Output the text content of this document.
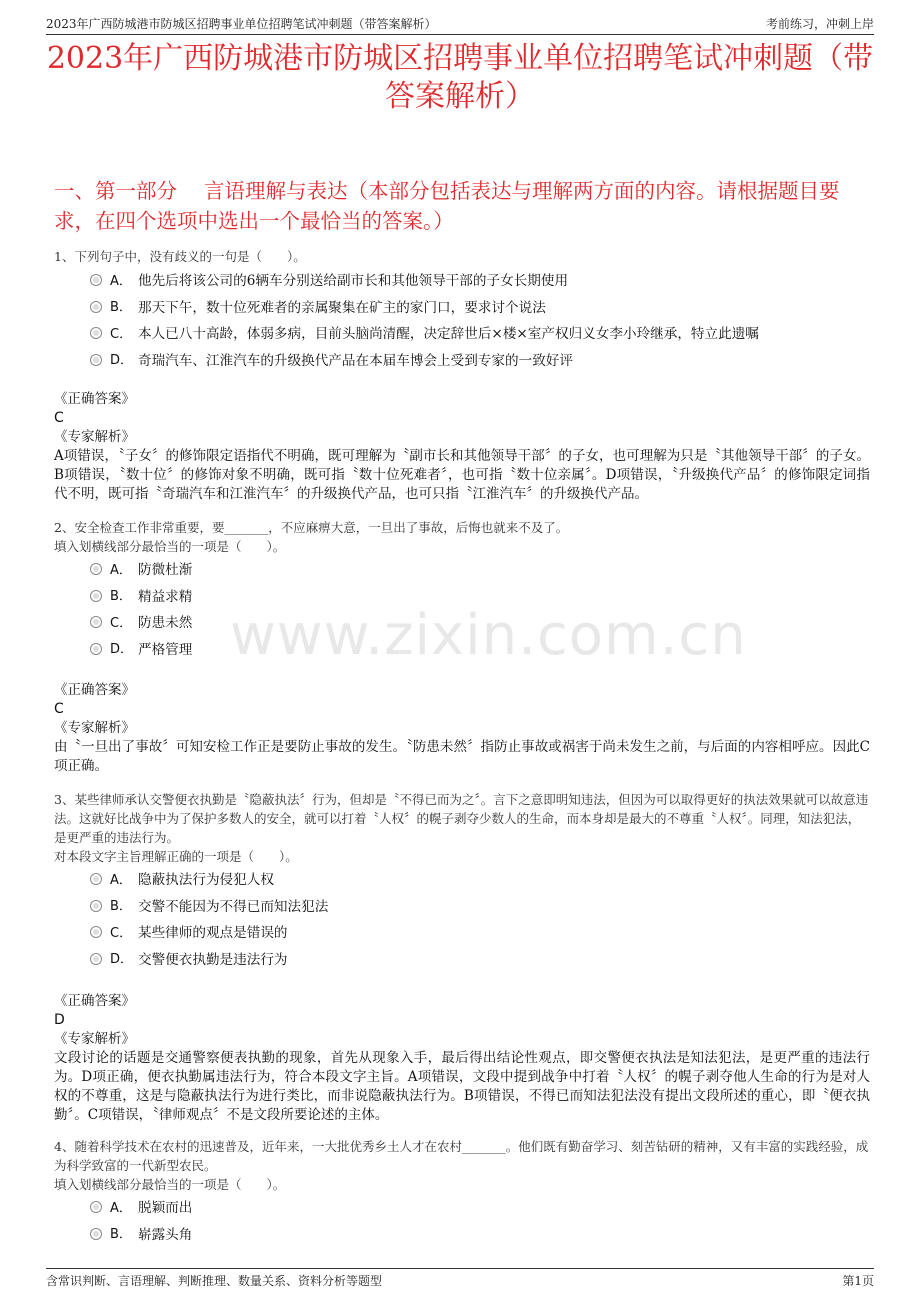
2023年广西防城港市防城区招聘事业单位招聘笔试冲刺题（带答案解析）	考前练习，冲刺上岸
2023年广西防城港市防城区招聘事业单位招聘笔试冲刺题（带答案解析）
一、第一部分　 言语理解与表达（本部分包括表达与理解两方面的内容。请根据题目要求，在四个选项中选出一个最恰当的答案。）
www.zixin.com.cn
1、下列句子中，没有歧义的一句是（　　）。
A． 他先后将该公司的6辆车分别送给副市长和其他领导干部的子女长期使用
B． 那天下午，数十位死难者的亲属聚集在矿主的家门口，要求讨个说法
C． 本人已八十高龄，体弱多病，目前头脑尚清醒，决定辞世后×楼×室产权归义女李小玲继承，特立此遗嘱
D． 奇瑞汽车、江淮汽车的升级换代产品在本届车博会上受到专家的一致好评
《正确答案》
C
《专家解析》
A项错误，〝子女〞的修饰限定语指代不明确，既可理解为〝副市长和其他领导干部〞的子女，也可理解为只是〝其他领导干部〞的子女。B项错误，〝数十位〞的修饰对象不明确，既可指〝数十位死难者〞，也可指〝数十位亲属〞。D项错误，〝升级换代产品〞的修饰限定词指代不明，既可指〝奇瑞汽车和江淮汽车〞的升级换代产品，也可只指〝江淮汽车〞的升级换代产品。
2、安全检查工作非常重要，要_______，不应麻痹大意，一旦出了事故，后悔也就来不及了。
填入划横线部分最恰当的一项是（　　）。
A． 防微杜渐
B． 精益求精
C． 防患未然
D． 严格管理
《正确答案》
C
《专家解析》
由〝一旦出了事故〞可知安检工作正是要防止事故的发生。〝防患未然〞指防止事故或祸害于尚未发生之前，与后面的内容相呼应。因此C项正确。
3、某些律师承认交警便衣执勤是〝隐蔽执法〞行为，但却是〝不得已而为之〞。言下之意即明知违法，但因为可以取得更好的执法效果就可以故意违法。这就好比战争中为了保护多数人的安全，就可以打着〝人权〞的幌子剥夺少数人的生命，而本身却是最大的不尊重〝人权〞。同理，知法犯法，是更严重的违法行为。
对本段文字主旨理解正确的一项是（　　）。
A． 隐蔽执法行为侵犯人权
B． 交警不能因为不得已而知法犯法
C． 某些律师的观点是错误的
D． 交警便衣执勤是违法行为
《正确答案》
D
《专家解析》
文段讨论的话题是交通警察便表执勤的现象，首先从现象入手，最后得出结论性观点，即交警便衣执法是知法犯法，是更严重的违法行为。D项正确，便衣执勤属违法行为，符合本段文字主旨。A项错误，文段中提到战争中打着〝人权〞的幌子剥夺他人生命的行为是对人权的不尊重，这是与隐蔽执法行为进行类比，而非说隐蔽执法行为。B项错误，不得已而知法犯法没有提出文段所述的重心，即〝便衣执勤〞。C项错误，〝律师观点〞不是文段所要论述的主体。
4、随着科学技术在农村的迅速普及，近年来，一大批优秀乡土人才在农村_______。他们既有勤奋学习、刻苦钻研的精神，又有丰富的实践经验，成为科学致富的一代新型农民。
填入划横线部分最恰当的一项是（　　）。
A． 脱颖而出
B． 崭露头角
含常识判断、言语理解、判断推理、数量关系、资料分析等题型	第1页
